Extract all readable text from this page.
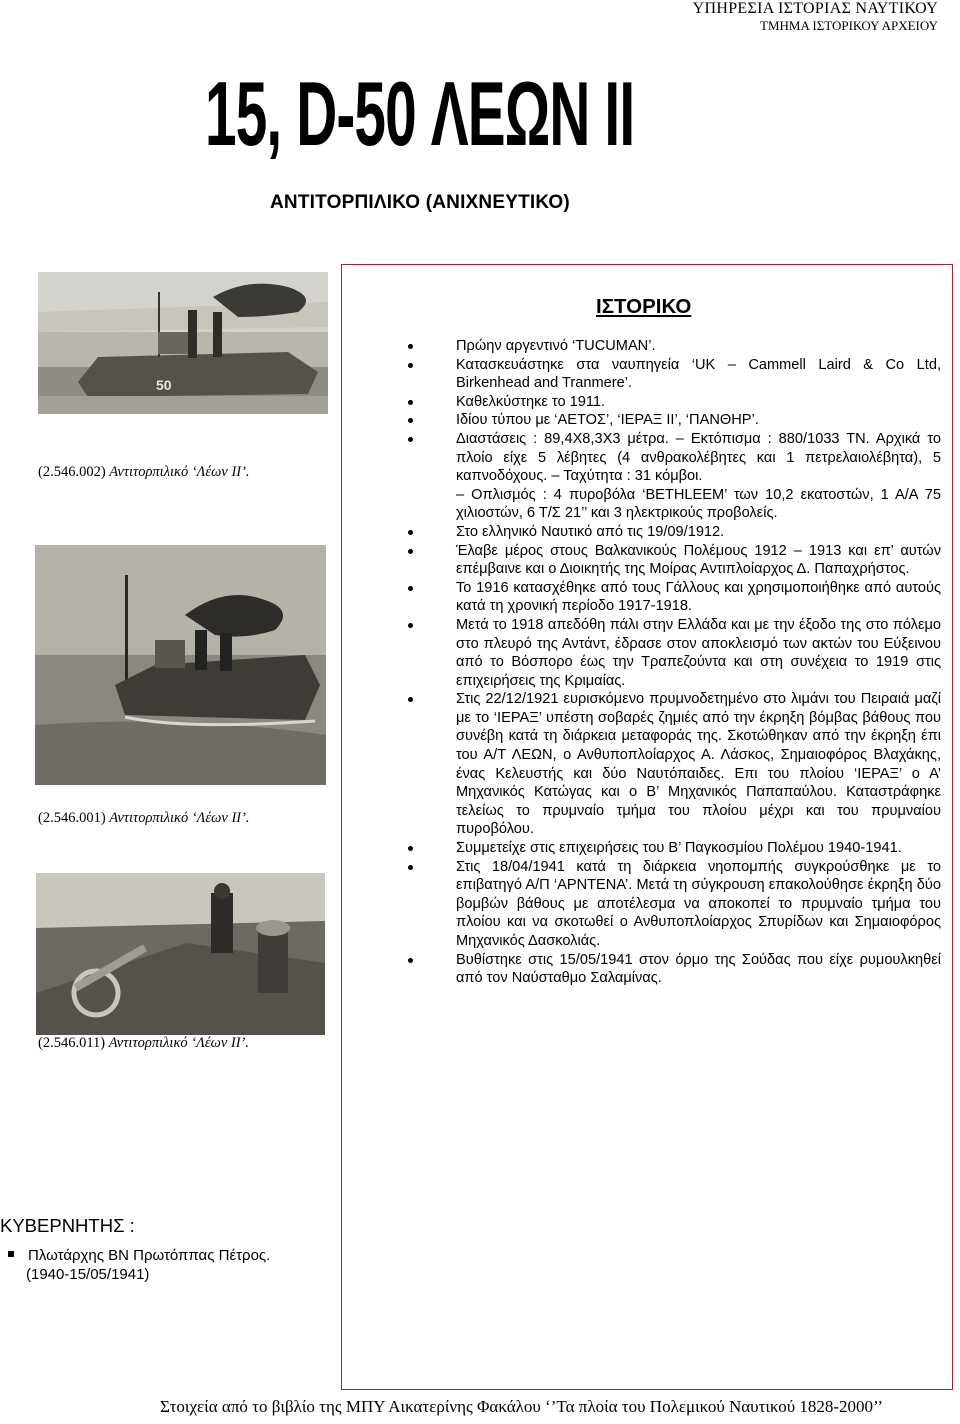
ΥΠΗΡΕΣΙΑ ΙΣΤΟΡΙΑΣ ΝΑΥΤΙΚΟΥ
ΤΜΗΜΑ ΙΣΤΟΡΙΚΟΥ ΑΡΧΕΙΟΥ
15, D-50 ΛΕΩΝ II
ΑΝΤΙΤΟΡΠΙΛΙΚΟ (ΑΝΙΧΝΕΥΤΙΚΟ)
50
(2.546.002) Αντιτορπιλικό ‘Λέων ΙΙ’.
(2.546.001) Αντιτορπιλικό ‘Λέων ΙΙ’.
(2.546.011) Αντιτορπιλικό ‘Λέων ΙΙ’.
ΙΣΤΟΡΙΚΟ
Πρώην αργεντινό ‘TUCUMAN’.
Κατασκευάστηκε στα ναυπηγεία ‘UK – Cammell Laird & Co Ltd, Birkenhead and Tranmere’.
Καθελκύστηκε το 1911.
Ιδίου τύπου με ‘ΑΕΤΟΣ’, ‘ΙΕΡΑΞ ΙΙ’, ‘ΠΑΝΘΗΡ’.
Διαστάσεις : 89,4Χ8,3Χ3 μέτρα. – Εκτόπισμα : 880/1033 ΤΝ. Αρχικά το πλοίο είχε 5 λέβητες (4 ανθρακολέβητες και 1 πετρελαιολέβητα), 5 καπνοδόχους. – Ταχύτητα : 31 κόμβοι.
– Οπλισμός : 4 πυροβόλα ‘BETHLEEM’ των 10,2 εκατοστών, 1 Α/Α 75 χιλιοστών, 6 Τ/Σ 21’’ και 3 ηλεκτρικούς προβολείς.
Στο ελληνικό Ναυτικό από τις 19/09/1912.
Έλαβε μέρος στους Βαλκανικούς Πολέμους 1912 – 1913 και επ’ αυτών επέμβαινε και ο Διοικητής της Μοίρας Αντιπλοίαρχος Δ. Παπαχρήστος.
Το 1916 κατασχέθηκε από τους Γάλλους και χρησιμοποιήθηκε από αυτούς κατά τη χρονική περίοδο 1917-1918.
Μετά το 1918 απεδόθη πάλι στην Ελλάδα και με την έξοδο της στο πόλεμο στο πλευρό της Αντάντ, έδρασε στον αποκλεισμό των ακτών του Εύξεινου από το Βόσπορο έως την Τραπεζούντα και στη συνέχεια το 1919 στις επιχειρήσεις της Κριμαίας.
Στις 22/12/1921 ευρισκόμενο πρυμνοδετημένο στο λιμάνι του Πειραιά μαζί με το ‘ΙΕΡΑΞ’ υπέστη σοβαρές ζημιές από την έκρηξη βόμβας βάθους που συνέβη κατά τη διάρκεια μεταφοράς της. Σκοτώθηκαν από την έκρηξη έπι του Α/Τ ΛΕΩΝ, ο Ανθυποπλοίαρχος Α. Λάσκος, Σημαιοφόρος Βλαχάκης, ένας Κελευστής και δύο Ναυτόπαιδες. Επι του πλοίου ‘ΙΕΡΑΞ’ ο Α’ Μηχανικός Κατώγας και ο Β’ Μηχανικός Παπαπαύλου. Καταστράφηκε τελείως το πρυμναίο τμήμα του πλοίου μέχρι και του πρυμναίου πυροβόλου.
Συμμετείχε στις επιχειρήσεις του Β’ Παγκοσμίου Πολέμου 1940-1941.
Στις 18/04/1941 κατά τη διάρκεια νηοπομπής συγκρούσθηκε με το επιβατηγό Α/Π ‘ΑΡΝΤΕΝΑ’. Μετά τη σύγκρουση επακολούθησε έκρηξη δύο βομβών βάθους με αποτέλεσμα να αποκοπεί το πρυμναίο τμήμα του πλοίου και να σκοτωθεί ο Ανθυποπλοίαρχος Σπυρίδων και Σημαιοφόρος Μηχανικός Δασκολιάς.
Βυθίστηκε στις 15/05/1941 στον όρμο της Σούδας που είχε ρυμουλκηθεί από τον Ναύσταθμο Σαλαμίνας.
ΚΥΒΕΡΝΗΤΗΣ :
Πλωτάρχης ΒΝ Πρωτόππας Πέτρος.
(1940-15/05/1941)
Στοιχεία από το βιβλίο της ΜΠΥ Αικατερίνης Φακάλου ‘’Τα πλοία του Πολεμικού Ναυτικού 1828-2000’’
